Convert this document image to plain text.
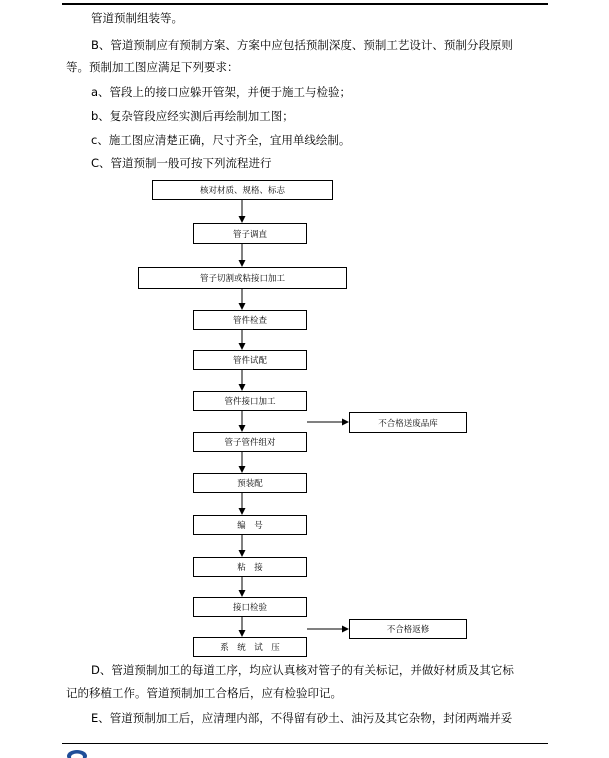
管道预制组装等。

B、管道预制应有预制方案、方案中应包括预制深度、预制工艺设计、预制分段原则

等。预制加工图应满足下列要求：

a、管段上的接口应躲开管架，并便于施工与检验；

b、复杂管段应经实测后再绘制加工图；

c、施工图应清楚正确，尺寸齐全，宜用单线绘制。

C、管道预制一般可按下列流程进行

核对材质、规格、标志
管子调直
管子切割或粘接口加工
管件检查
管件试配
管件接口加工
不合格送废品库
管子管件组对
预装配
编　号
粘　接
接口检验
不合格返修
系　统　试　压

D、管道预制加工的每道工序，均应认真核对管子的有关标记，并做好材质及其它标

记的移植工作。管道预制加工合格后，应有检验印记。

E、管道预制加工后，应清理内部，不得留有砂土、油污及其它杂物，封闭两端并妥
